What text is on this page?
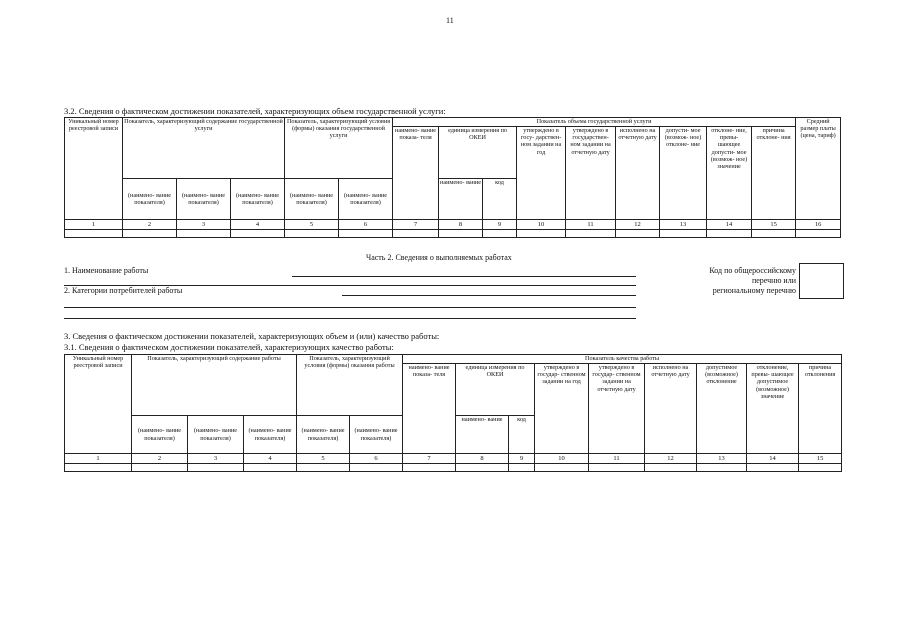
11
3.2. Сведения о фактическом достижении показателей, характеризующих объем государственной услуги:
Уникальный номер реестровой записи	Показатель, характеризующий содержание государственной услуги			Показатель, характеризующий условия (формы) оказания государственной услуги		Показатель объема государственной услуги									Средний размер платы (цена, тариф)
						наимено- вание показа- теля	единица измерения по ОКЕИ		утверждено в госу- дарствен- ном задании на год	утверждено в государствен- ном задании на отчетную дату	исполнено на отчетную дату	допусти- мое (возмож- ное) отклоне- ние	отклоне- ние, превы- шающее допусти- мое (возмож- ное) значение	причина отклоне- ния	
	(наимено- вание показателя)	(наимено- вание показателя)	(наимено- вание показателя)	(наимено- вание показателя)	(наимено- вание показателя)		наимено- вание	код							
1	2	3	4	5	6	7	8	9	10	11	12	13	14	15	16

Часть 2. Сведения о выполняемых работах
1. Наименование работы
2. Категории потребителей работы
Код по общероссийскому
перечню или
региональному перечню
3. Сведения о фактическом достижении показателей, характеризующих объем и (или) качество работы:
3.1. Сведения о фактическом достижении показателей, характеризующих качество работы:
Уникальный номер реестровой записи	Показатель, характеризующий содержание работы			Показатель, характеризующий условия (формы) оказания работы		Показатель качества работы								
						наимено- вание показа- теля	единица измерения по ОКЕИ		утверждено в государ- ственном задании на год	утверждено в государ- ственном задании на отчетную дату	исполнено на отчетную дату	допустимое (возможное) отклонение	отклонение, превы- шающее допустимое (возможное) значение	причина отклонения
	(наимено- вание показателя)	(наимено- вание показателя)	(наимено- вание показателя)	(наимено- вание показателя)	(наимено- вание показателя)		наимено- вание	код						
1	2	3	4	5	6	7	8	9	10	11	12	13	14	15
